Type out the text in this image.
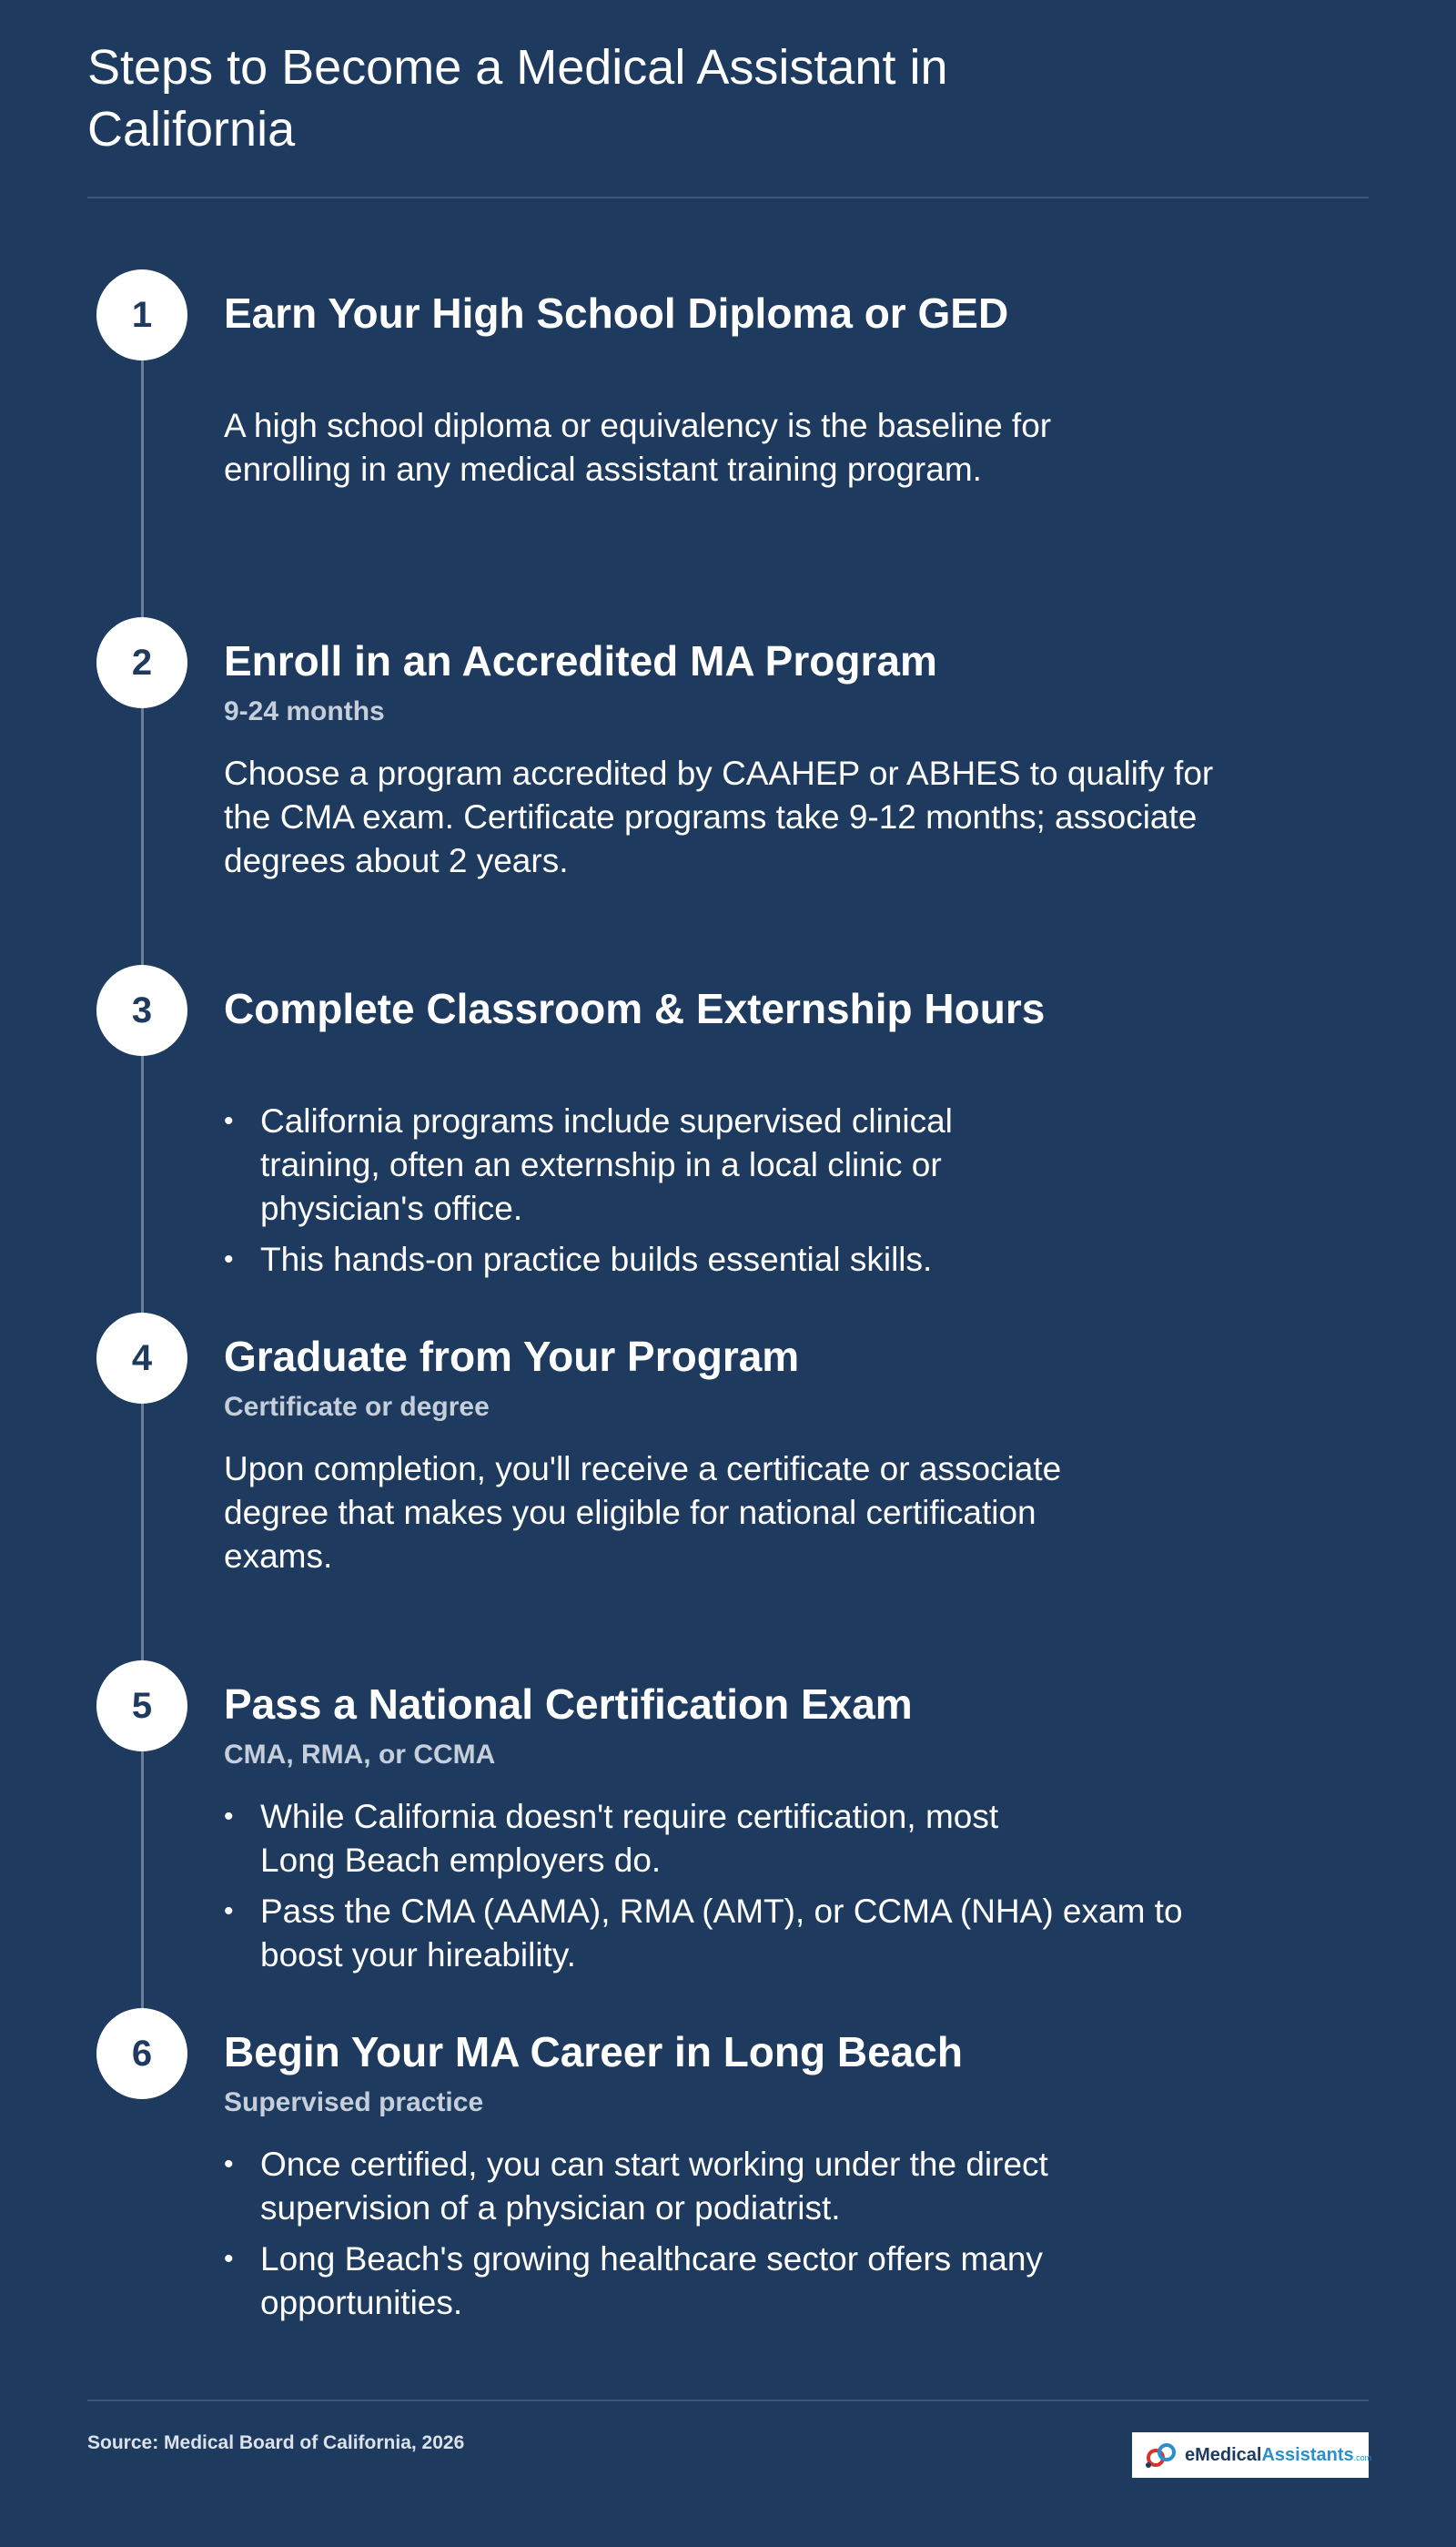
Steps to Become a Medical Assistant in California
1	Earn Your High School Diploma or GED

A high school diploma or equivalency is the baseline for enrolling in any medical assistant training program.

2	Enroll in an Accredited MA Program
9-24 months

Choose a program accredited by CAAHEP or ABHES to qualify for the CMA exam. Certificate programs take 9-12 months; associate degrees about 2 years.

3	Complete Classroom & Externship Hours
• California programs include supervised clinical training, often an externship in a local clinic or physician's office.
• This hands-on practice builds essential skills.
4	Graduate from Your Program
Certificate or degree

Upon completion, you'll receive a certificate or associate degree that makes you eligible for national certification exams.

5	Pass a National Certification Exam
CMA, RMA, or CCMA
• While California doesn't require certification, most Long Beach employers do.
• Pass the CMA (AAMA), RMA (AMT), or CCMA (NHA) exam to boost your hireability.
6	Begin Your MA Career in Long Beach
Supervised practice
• Once certified, you can start working under the direct supervision of a physician or podiatrist.
• Long Beach's growing healthcare sector offers many opportunities.
Source: Medical Board of California, 2026
eMedicalAssistants.com
